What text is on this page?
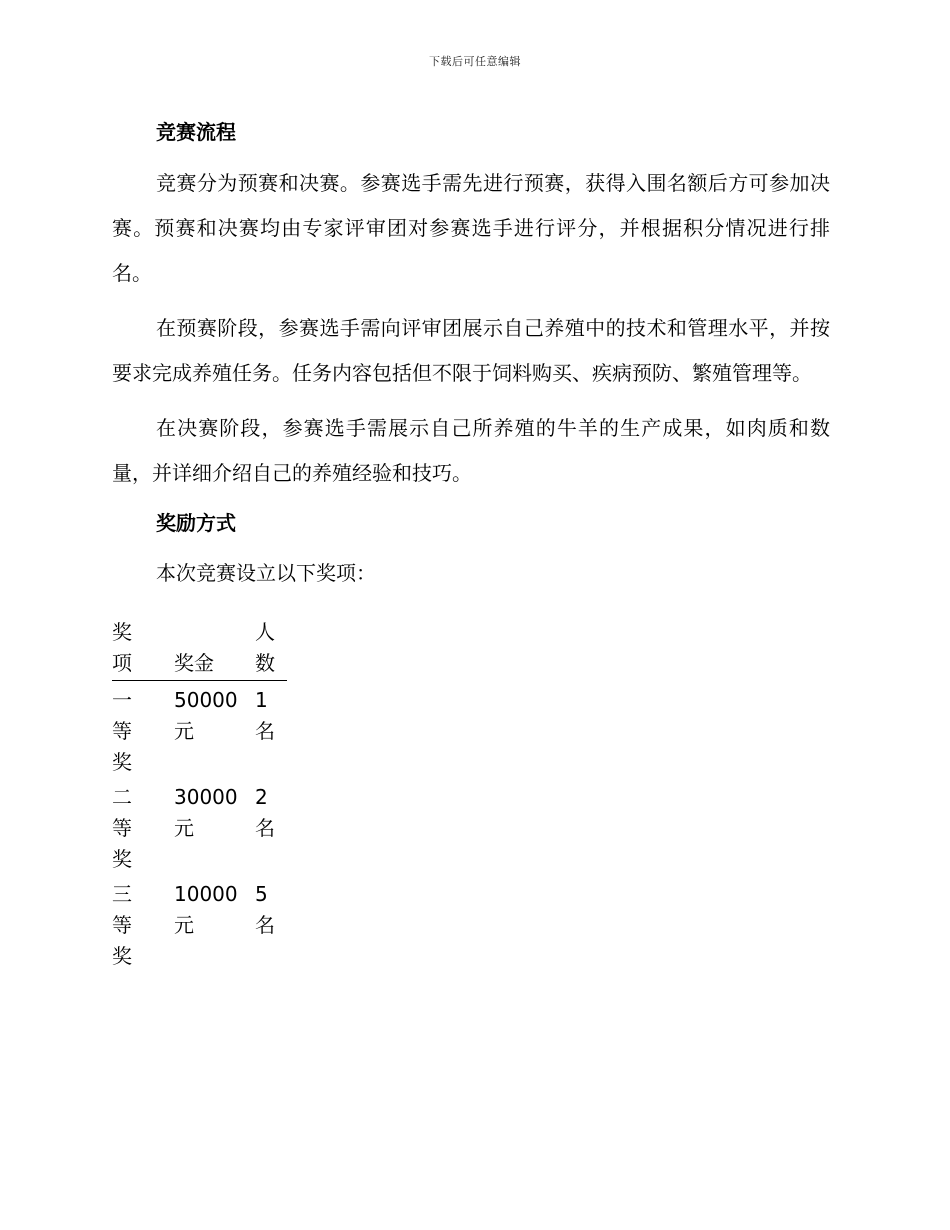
下载后可任意编辑
竞赛流程

竞赛分为预赛和决赛。参赛选手需先进行预赛，获得入围名额后方可参加决赛。预赛和决赛均由专家评审团对参赛选手进行评分，并根据积分情况进行排名。

在预赛阶段，参赛选手需向评审团展示自己养殖中的技术和管理水平，并按要求完成养殖任务。任务内容包括但不限于饲料购买、疾病预防、繁殖管理等。

在决赛阶段，参赛选手需展示自己所养殖的牛羊的生产成果，如肉质和数量，并详细介绍自己的养殖经验和技巧。

奖励方式

本次竞赛设立以下奖项：

奖项	奖金	人数
一等奖	50000元	1名
二等奖	30000元	2名
三等奖	10000元	5名
